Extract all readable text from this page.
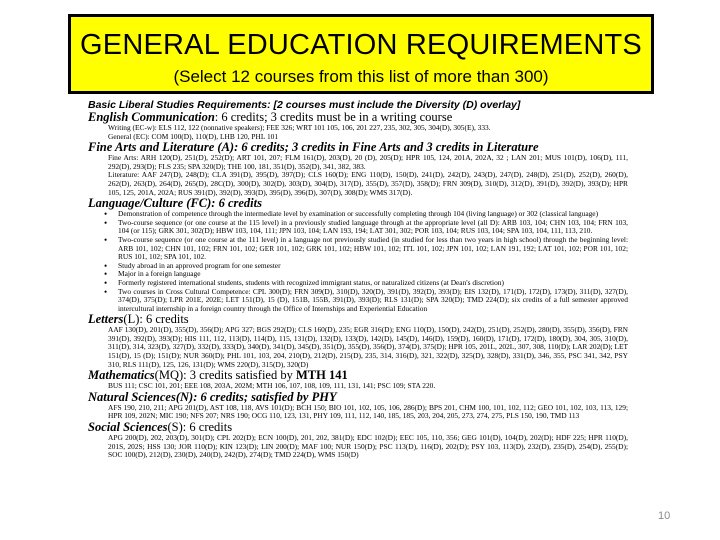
GENERAL EDUCATION REQUIREMENTS
(Select 12 courses from this list of more than 300)
Basic Liberal Studies Requirements: [2 courses must include the Diversity (D) overlay]
English Communication: 6 credits; 3 credits must be in a writing course
Writing (EC-w): ELS 112, 122 (nonnative speakers); FEE 326; WRT 101 105, 106, 201 227, 235, 302, 305, 304(D), 305(E), 333.
General (EC): COM 100(D), 110(D), LHB 120, PHL 101
Fine Arts and Literature (A): 6 credits; 3 credits in Fine Arts and 3 credits in Literature
Fine Arts: ARH 120(D), 251(D), 252(D); ART 101, 207; FLM 161(D), 203(D), 20 (D), 205(D); HPR 105, 124, 201A, 202A, 32 ; LAN 201; MUS 101(D), 106(D), 111, 292(D), 293(D); FLS 235; SPA 320(D); THE 100, 181, 351(D), 352(D), 341, 382, 383.
Literature: AAF 247(D), 248(D); CLA 391(D), 395(D), 397(D); CLS 160(D); ENG 110(D), 150(D), 241(D), 242(D), 243(D), 247(D), 248(D), 251(D), 252(D), 260(D), 262(D), 263(D), 264(D), 265(D), 28C(D), 300(D), 302(D), 303(D), 304(D), 317(D), 355(D), 357(D), 358(D); FRN 309(D), 310(D), 312(D), 391(D), 392(D), 393(D); HPR 105, 125, 201A, 202A; RUS 391(D), 392(D), 393(D), 395(D), 396(D), 307(D), 308(D); WMS 317(D).
Language/Culture (FC): 6 credits
• Demonstration of competence through the intermediate level by examination or successfully completing through 104 (living language) or 302 (classical language)
• Two-course sequence (or one course at the 115 level) in a previously studied language through at the appropriate level (all D): ARB 103, 104; CHN 103, 104; FRN 103, 104 (or 115); GRK 301, 302(D); HBW 103, 104, 111; JPN 103, 104; LAN 193, 194; LAT 301, 302; POR 103, 104; RUS 103, 104; SPA 103, 104, 111, 113, 210.
• Two-course sequence (or one course at the 111 level) in a language not previously studied (in studied for less than two years in high school) through the beginning level: ARB 101, 102; CHN 101, 102; FRN 101, 102; GER 101, 102; GRK 101, 102; HBW 101, 102; ITL 101, 102; JPN 101, 102; LAN 191, 192; LAT 101, 102; POR 101, 102; RUS 101, 102; SPA 101, 102.
• Study abroad in an approved program for one semester
• Major in a foreign language
• Formerly registered international students, students with recognized immigrant status, or naturalized citizens (at Dean's discretion)
• Two courses in Cross Cultural Competence: CPL 300(D); FRN 309(D), 310(D), 320(D), 391(D), 392(D), 393(D); EIS 132(D), 171(D), 172(D), 173(D), 311(D), 327(D), 374(D), 375(D); LPR 201E, 202E; LET 151(D), 15 (D), 151B, 155B, 391(D), 393(D); RLS 131(D); SPA 320(D); TMD 224(D); six credits of a full semester approved intercultural internship in a foreign country through the Office of Internships and Experiential Education
Letters(L): 6 credits
AAF 130(D), 201(D), 355(D), 356(D); APG 327; BGS 292(D); CLS 160(D), 235; EGR 316(D); ENG 110(D), 150(D), 242(D), 251(D), 252(D), 280(D), 355(D), 356(D), FRN 391(D), 392(D), 393(D); HIS 111, 112, 113(D), 114(D), 115, 131(D), 132(D), 133(D), 142(D), 145(D), 146(D), 159(D), 160(D), 171(D), 172(D), 180(D), 304, 305, 310(D), 311(D), 314, 323(D), 327(D), 332(D), 333(D), 340(D), 341(D), 345(D), 351(D), 355(D), 356(D), 374(D), 375(D); HPR 105, 201L, 202L, 307, 308, 110(D); LAR 202(D); LET 151(D), 15 (D); 151(D); NUR 360(D); PHL 101, 103, 204, 210(D), 212(D), 215(D), 235, 314, 316(D), 321, 322(D), 325(D), 328(D), 331(D), 346, 355, PSC 341, 342, PSY 310, RLS 111(D), 125, 126, 131(D); WMS 220(D), 315(D), 320(D)
Mathematics(MQ): 3 credits satisfied by MTH 141
BUS 111; CSC 101, 201; EEE 108, 203A, 202M; MTH 106, 107, 108, 109, 111, 131, 141; PSC 109; STA 220.
Natural Sciences(N): 6 credits; satisfied by PHY
AFS 190, 210, 211; APG 201(D), AST 108, 118, AVS 101(D); BCH 150; BIO 101, 102, 105, 106, 286(D); BPS 201, CHM 100, 101, 102, 112; GEO 101, 102, 103, 113, 129; HPR 109, 202N; MIC 190; NFS 207; NRS 190; OCG 110, 123, 131, PHY 109, 111, 112, 140, 185, 185, 203, 204, 205, 273, 274, 275, PLS 150, 190, TMD 113
Social Sciences(S): 6 credits
APG 200(D), 202, 203(D), 301(D); CPL 202(D); ECN 100(D), 201, 202, 381(D); EDC 102(D); EEC 105, 110, 356; GEG 101(D), 104(D), 202(D); HDF 225; HPR 110(D), 201S, 202S; HSS 130; JOR 110(D); KIN 123(D); LIN 200(D); MAF 100; NUR 150(D); PSC 113(D), 116(D), 202(D); PSY 103, 113(D), 232(D), 235(D), 254(D), 255(D); SOC 100(D), 212(D), 230(D), 240(D), 242(D), 274(D); TMD 224(D), WMS 150(D)
10
